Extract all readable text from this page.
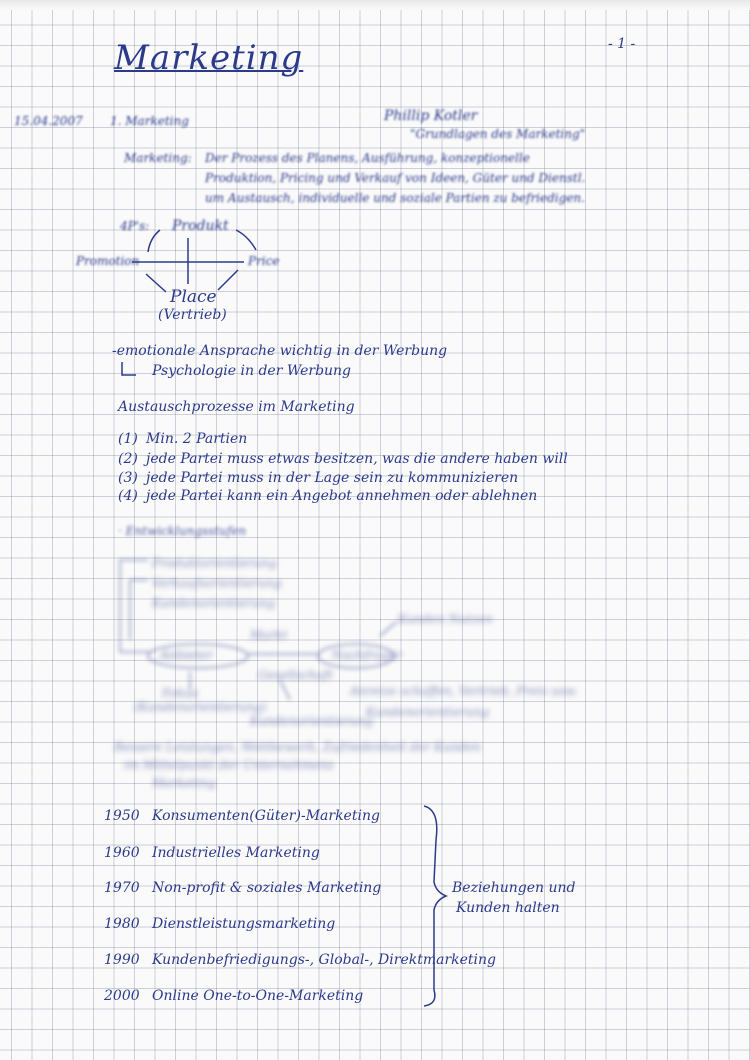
Marketing	- 1 -
15.04.2007 1. Marketing	Phillip Kotler
"Grundlagen des Marketing"
Marketing: Der Prozess des Planens, Ausführung, konzeptionelle
Produktion, Pricing und Verkauf von Ideen, Güter und Dienstl.
um Austausch, individuelle und soziale Partien zu befriedigen.
4P's: Produkt
Promotion	Price
Place
(Vertrieb)
-emotionale Ansprache wichtig in der Werbung
Psychologie in der Werbung
Austauschprozesse im Marketing
(1) Min. 2 Partien
(2) jede Partei muss etwas besitzen, was die andere haben will
(3) jede Partei muss in der Lage sein zu kommunizieren
(4) jede Partei kann ein Angebot annehmen oder ablehnen
· Entwicklungsstufen
Produktorientierung
Verkaufsorientierung
Kundenorientierung
Kunden Nutzen
Markt
Anbieter	Nachfrager
Gesellschaft
Anreize schaffen, Vertrieb, Preis usw.
Fokus
(Kundenorientierung)	Kundenorientierung
Kundenorientierung
Bessere Leistungen, Wettbewerb, Zufriedenheit der Kunden
im Mittelpunkt der Unternehmens
Marketing
1950 Konsumenten(Güter)-Marketing
1960 Industrielles Marketing
1970 Non-profit & soziales Marketing
1980 Dienstleistungsmarketing
1990 Kundenbefriedigungs-, Global-, Direktmarketing
2000 Online One-to-One-Marketing
Beziehungen und
Kunden halten
